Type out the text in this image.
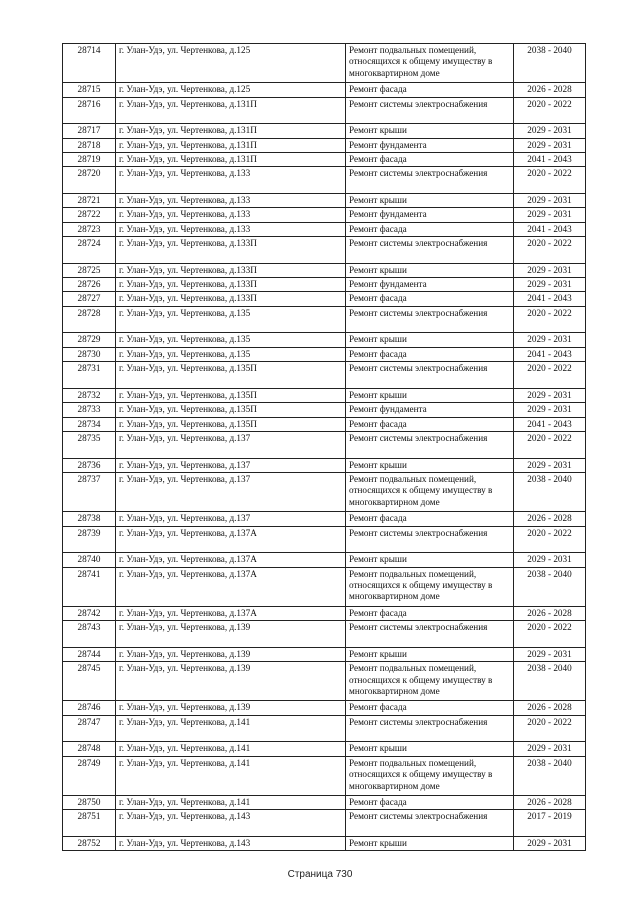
28714	г. Улан-Удэ, ул. Чертенкова, д.125	Ремонт подвальных помещений, относящихся к общему имуществу в многоквартирном доме	2038 - 2040
28715	г. Улан-Удэ, ул. Чертенкова, д.125	Ремонт фасада	2026 - 2028
28716	г. Улан-Удэ, ул. Чертенкова, д.131П	Ремонт системы электроснабжения	2020 - 2022
28717	г. Улан-Удэ, ул. Чертенкова, д.131П	Ремонт крыши	2029 - 2031
28718	г. Улан-Удэ, ул. Чертенкова, д.131П	Ремонт фундамента	2029 - 2031
28719	г. Улан-Удэ, ул. Чертенкова, д.131П	Ремонт фасада	2041 - 2043
28720	г. Улан-Удэ, ул. Чертенкова, д.133	Ремонт системы электроснабжения	2020 - 2022
28721	г. Улан-Удэ, ул. Чертенкова, д.133	Ремонт крыши	2029 - 2031
28722	г. Улан-Удэ, ул. Чертенкова, д.133	Ремонт фундамента	2029 - 2031
28723	г. Улан-Удэ, ул. Чертенкова, д.133	Ремонт фасада	2041 - 2043
28724	г. Улан-Удэ, ул. Чертенкова, д.133П	Ремонт системы электроснабжения	2020 - 2022
28725	г. Улан-Удэ, ул. Чертенкова, д.133П	Ремонт крыши	2029 - 2031
28726	г. Улан-Удэ, ул. Чертенкова, д.133П	Ремонт фундамента	2029 - 2031
28727	г. Улан-Удэ, ул. Чертенкова, д.133П	Ремонт фасада	2041 - 2043
28728	г. Улан-Удэ, ул. Чертенкова, д.135	Ремонт системы электроснабжения	2020 - 2022
28729	г. Улан-Удэ, ул. Чертенкова, д.135	Ремонт крыши	2029 - 2031
28730	г. Улан-Удэ, ул. Чертенкова, д.135	Ремонт фасада	2041 - 2043
28731	г. Улан-Удэ, ул. Чертенкова, д.135П	Ремонт системы электроснабжения	2020 - 2022
28732	г. Улан-Удэ, ул. Чертенкова, д.135П	Ремонт крыши	2029 - 2031
28733	г. Улан-Удэ, ул. Чертенкова, д.135П	Ремонт фундамента	2029 - 2031
28734	г. Улан-Удэ, ул. Чертенкова, д.135П	Ремонт фасада	2041 - 2043
28735	г. Улан-Удэ, ул. Чертенкова, д.137	Ремонт системы электроснабжения	2020 - 2022
28736	г. Улан-Удэ, ул. Чертенкова, д.137	Ремонт крыши	2029 - 2031
28737	г. Улан-Удэ, ул. Чертенкова, д.137	Ремонт подвальных помещений, относящихся к общему имуществу в многоквартирном доме	2038 - 2040
28738	г. Улан-Удэ, ул. Чертенкова, д.137	Ремонт фасада	2026 - 2028
28739	г. Улан-Удэ, ул. Чертенкова, д.137А	Ремонт системы электроснабжения	2020 - 2022
28740	г. Улан-Удэ, ул. Чертенкова, д.137А	Ремонт крыши	2029 - 2031
28741	г. Улан-Удэ, ул. Чертенкова, д.137А	Ремонт подвальных помещений, относящихся к общему имуществу в многоквартирном доме	2038 - 2040
28742	г. Улан-Удэ, ул. Чертенкова, д.137А	Ремонт фасада	2026 - 2028
28743	г. Улан-Удэ, ул. Чертенкова, д.139	Ремонт системы электроснабжения	2020 - 2022
28744	г. Улан-Удэ, ул. Чертенкова, д.139	Ремонт крыши	2029 - 2031
28745	г. Улан-Удэ, ул. Чертенкова, д.139	Ремонт подвальных помещений, относящихся к общему имуществу в многоквартирном доме	2038 - 2040
28746	г. Улан-Удэ, ул. Чертенкова, д.139	Ремонт фасада	2026 - 2028
28747	г. Улан-Удэ, ул. Чертенкова, д.141	Ремонт системы электроснабжения	2020 - 2022
28748	г. Улан-Удэ, ул. Чертенкова, д.141	Ремонт крыши	2029 - 2031
28749	г. Улан-Удэ, ул. Чертенкова, д.141	Ремонт подвальных помещений, относящихся к общему имуществу в многоквартирном доме	2038 - 2040
28750	г. Улан-Удэ, ул. Чертенкова, д.141	Ремонт фасада	2026 - 2028
28751	г. Улан-Удэ, ул. Чертенкова, д.143	Ремонт системы электроснабжения	2017 - 2019
28752	г. Улан-Удэ, ул. Чертенкова, д.143	Ремонт крыши	2029 - 2031
Страница 730
